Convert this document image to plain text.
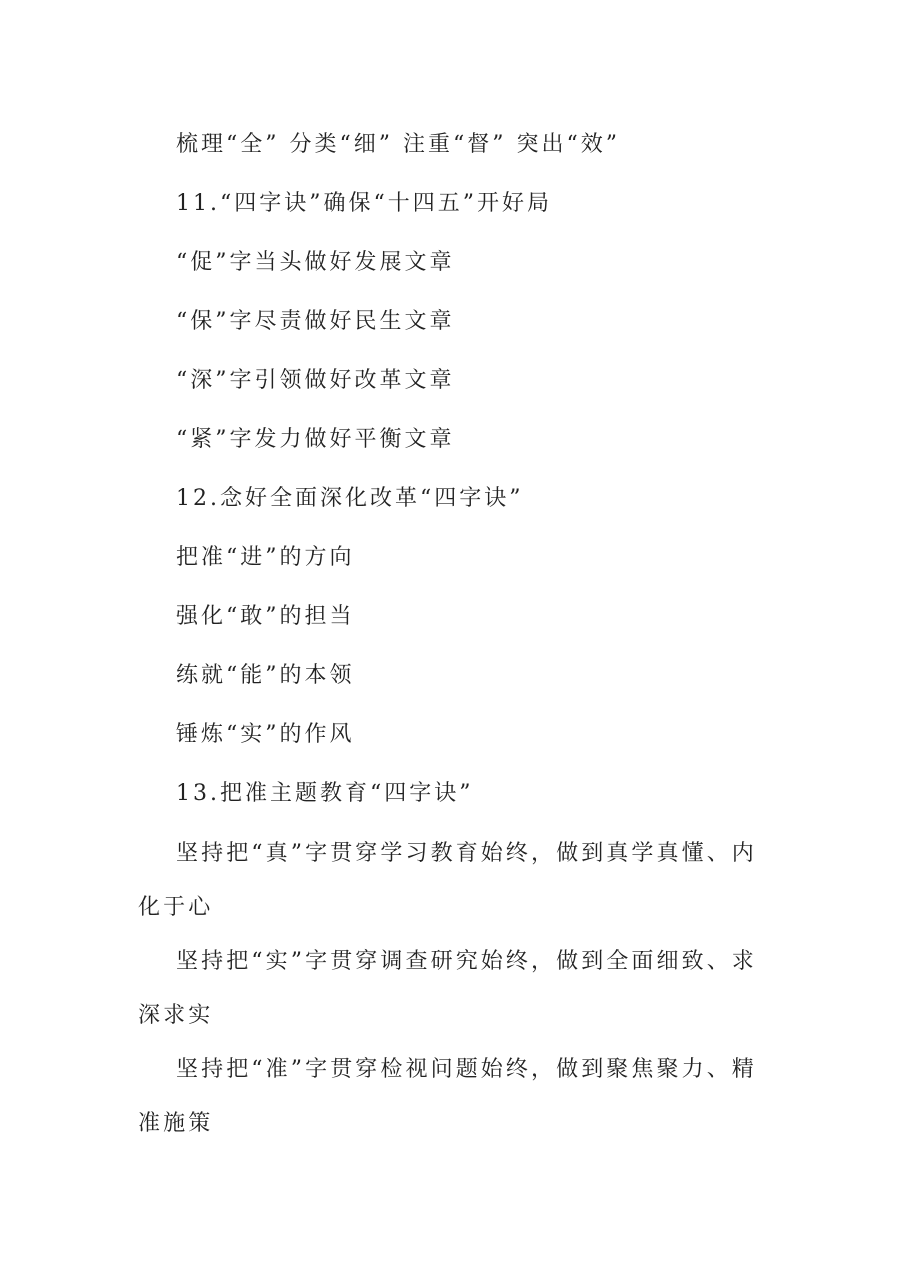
梳理“全” 分类“细” 注重“督” 突出“效”
11.“四字诀”确保“十四五”开好局
“促”字当头做好发展文章
“保”字尽责做好民生文章
“深”字引领做好改革文章
“紧”字发力做好平衡文章
12.念好全面深化改革“四字诀”
把准“进”的方向
强化“敢”的担当
练就“能”的本领
锤炼“实”的作风
13.把准主题教育“四字诀”
坚持把“真”字贯穿学习教育始终，做到真学真懂、内化于心
坚持把“实”字贯穿调查研究始终，做到全面细致、求深求实
坚持把“准”字贯穿检视问题始终，做到聚焦聚力、精准施策
